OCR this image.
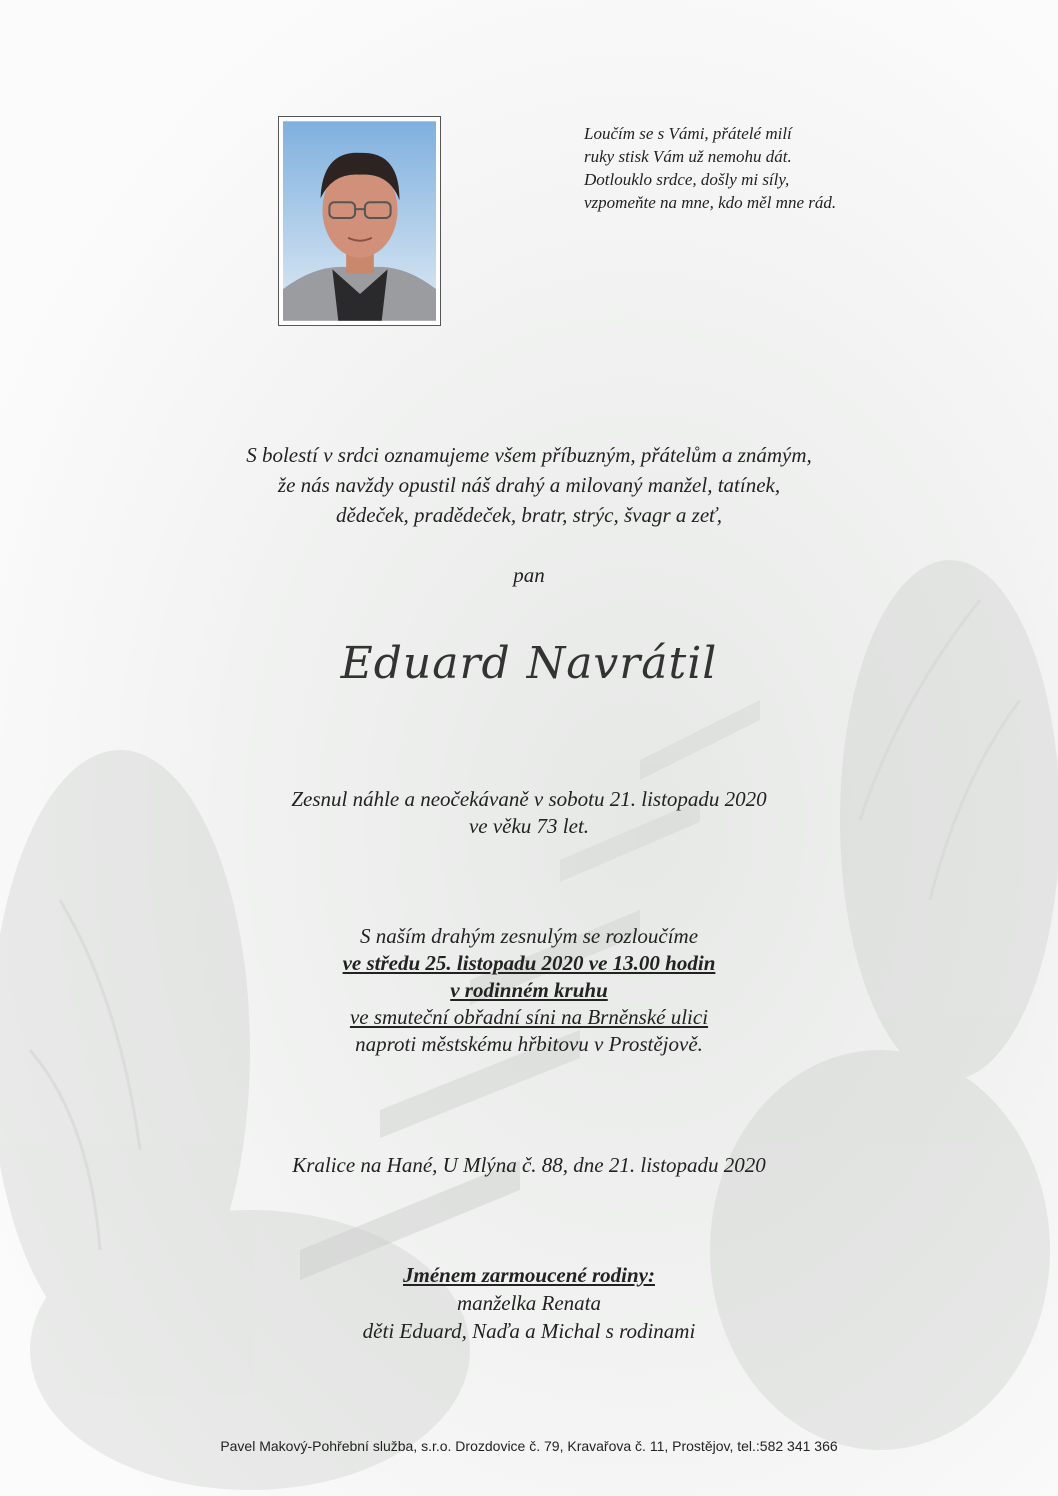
Loučím se s Vámi, přátelé milí
ruky stisk Vám už nemohu dát.
Dotlouklo srdce, došly mi síly,
vzpomeňte na mne, kdo měl mne rád.
S bolestí v srdci oznamujeme všem příbuzným, přátelům a známým,
že nás navždy opustil náš drahý a milovaný manžel, tatínek,
dědeček, pradědeček, bratr, strýc, švagr a zeť,
pan
Eduard Navrátil
Zesnul náhle a neočekávaně v sobotu 21. listopadu 2020
ve věku 73 let.
S naším drahým zesnulým se rozloučíme
ve středu 25. listopadu 2020 ve 13.00 hodin
v rodinném kruhu
ve smuteční obřadní síni na Brněnské ulici
naproti městskému hřbitovu v Prostějově.
Kralice na Hané, U Mlýna č. 88, dne 21. listopadu 2020
Jménem zarmoucené rodiny:
manželka Renata
děti Eduard, Naďa a Michal s rodinami
Pavel Makový-Pohřební služba, s.r.o. Drozdovice č. 79, Kravařova č. 11, Prostějov, tel.:582 341 366
